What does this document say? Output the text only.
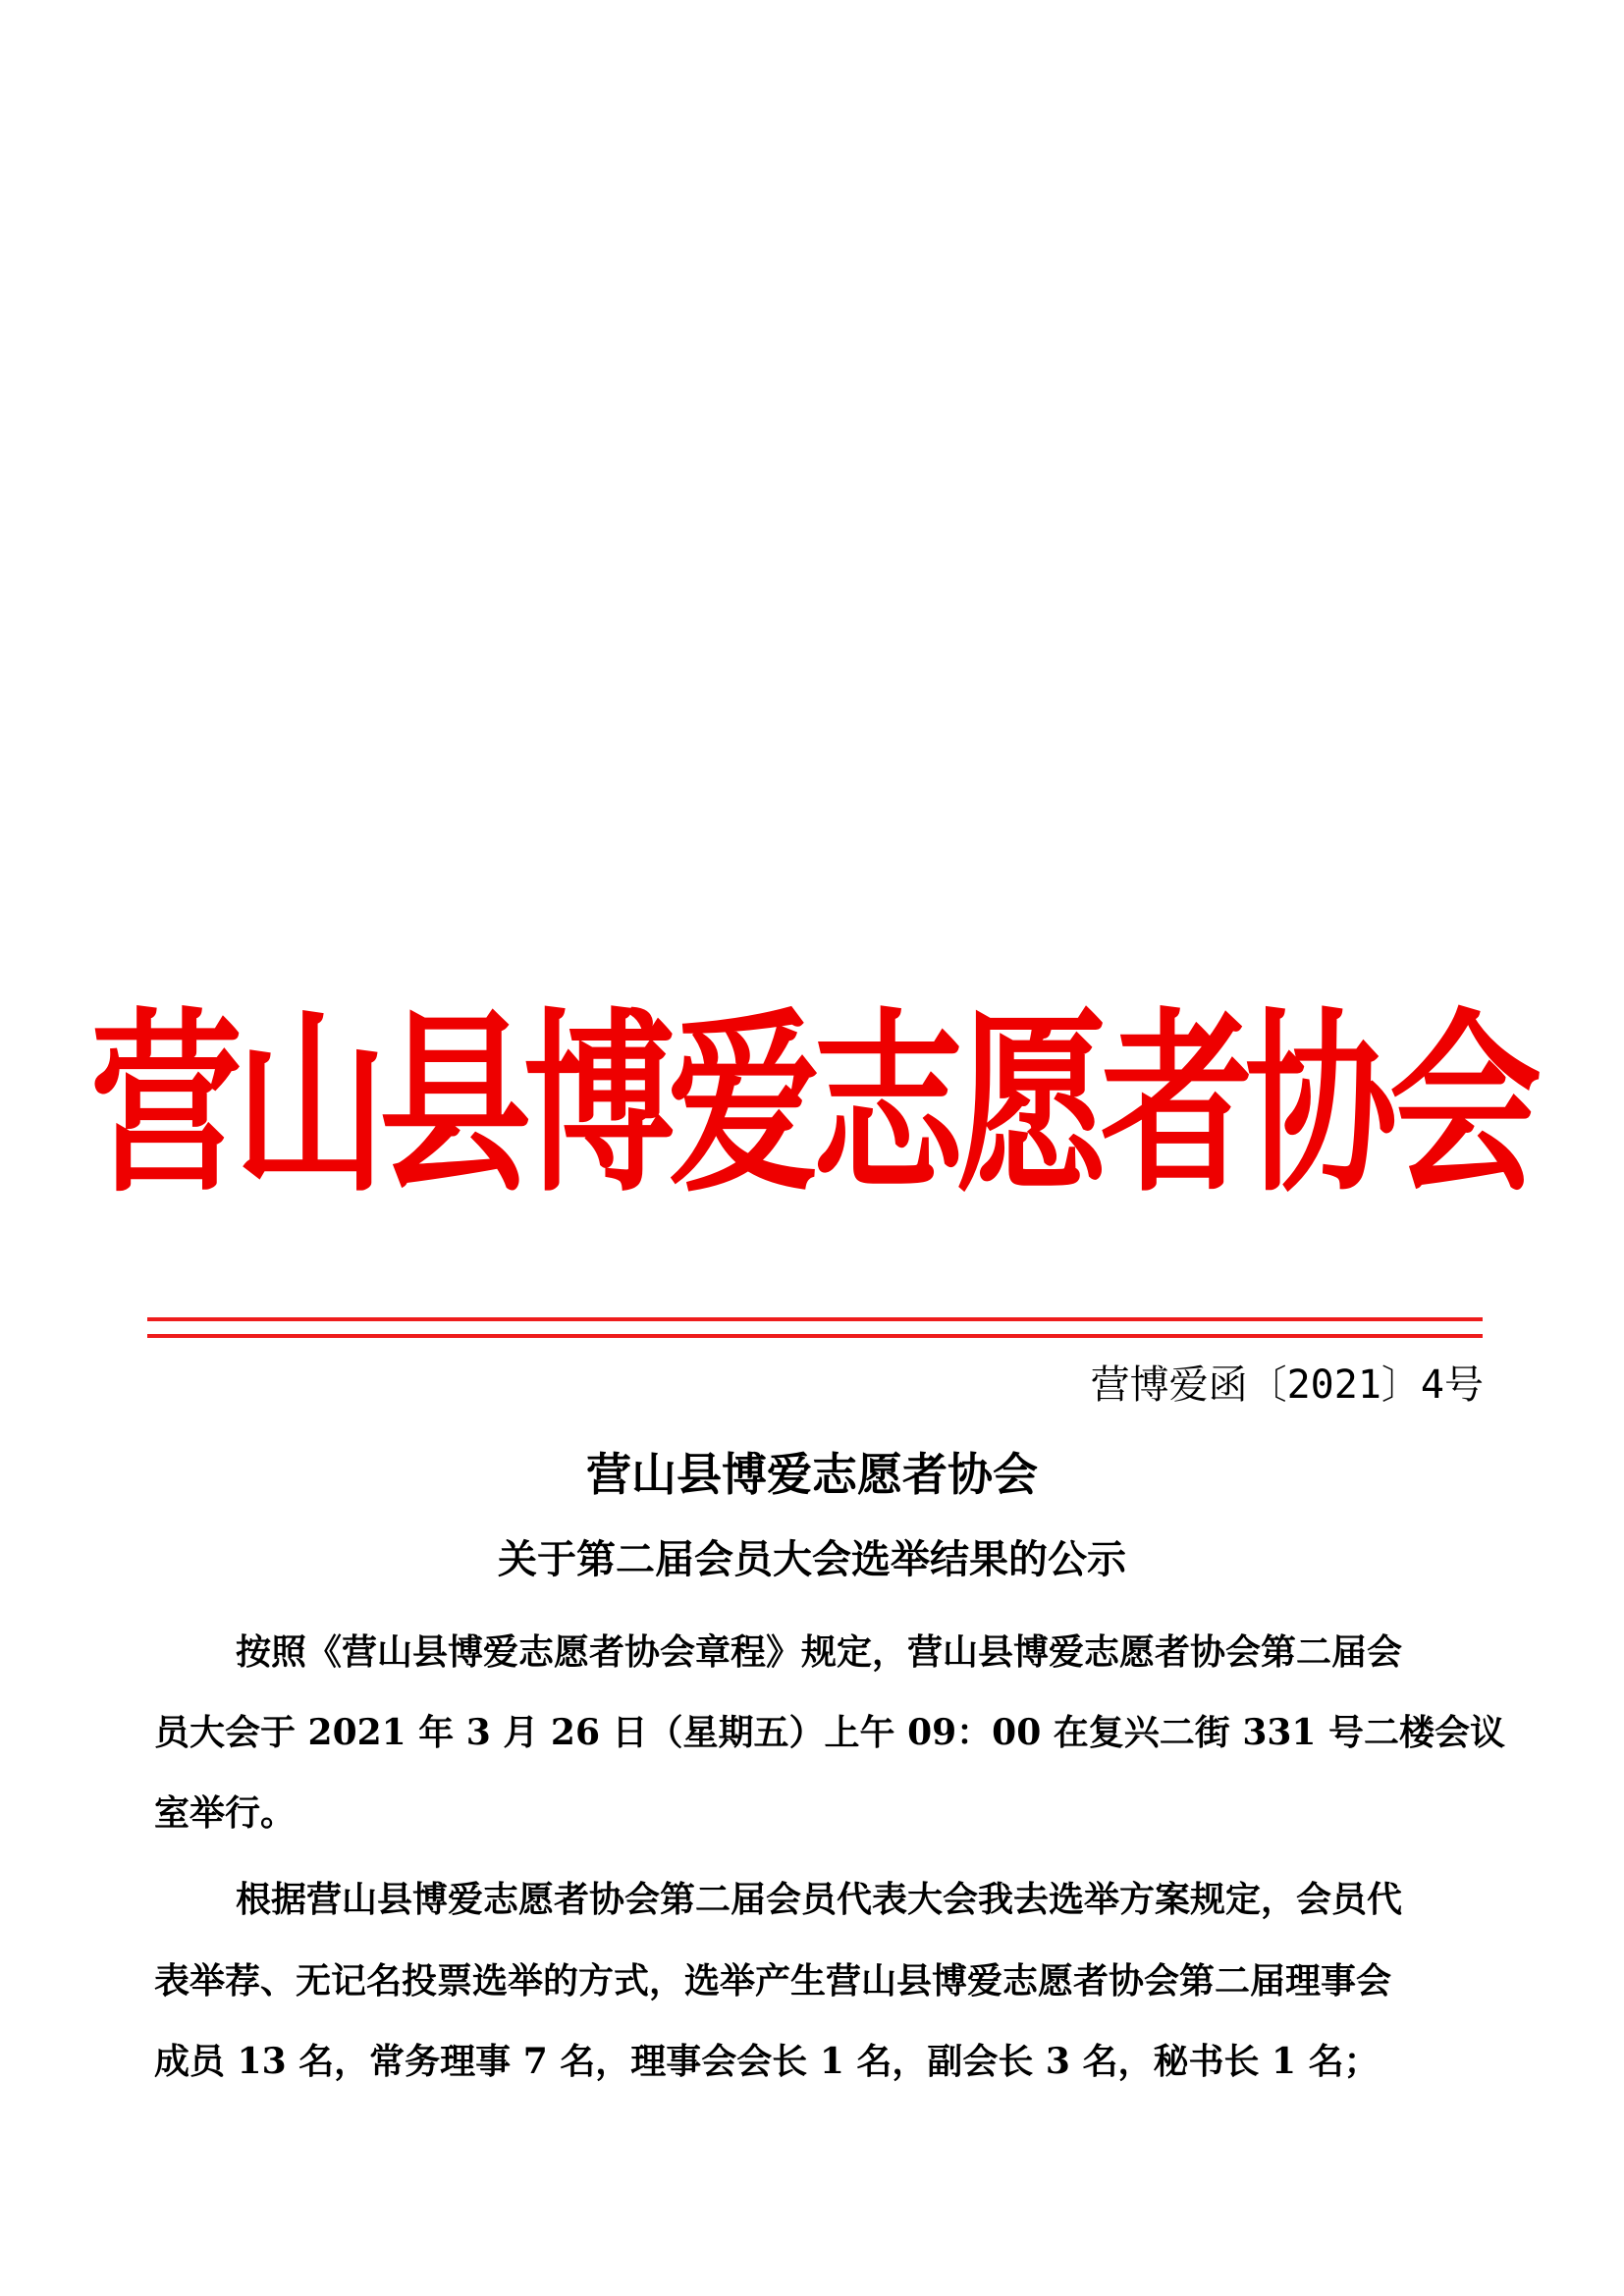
营山县博爱志愿者协会
营博爱函〔2021〕4号
营山县博爱志愿者协会
关于第二届会员大会选举结果的公示
按照《营山县博爱志愿者协会章程》规定，营山县博爱志愿者协会第二届会
员大会于 2021 年 3 月 26 日（星期五）上午 09：00 在复兴二街 331 号二楼会议
室举行。
根据营山县博爱志愿者协会第二届会员代表大会我去选举方案规定，会员代
表举荐、无记名投票选举的方式，选举产生营山县博爱志愿者协会第二届理事会
成员 13 名，常务理事 7 名，理事会会长 1 名，副会长 3 名，秘书长 1 名；
